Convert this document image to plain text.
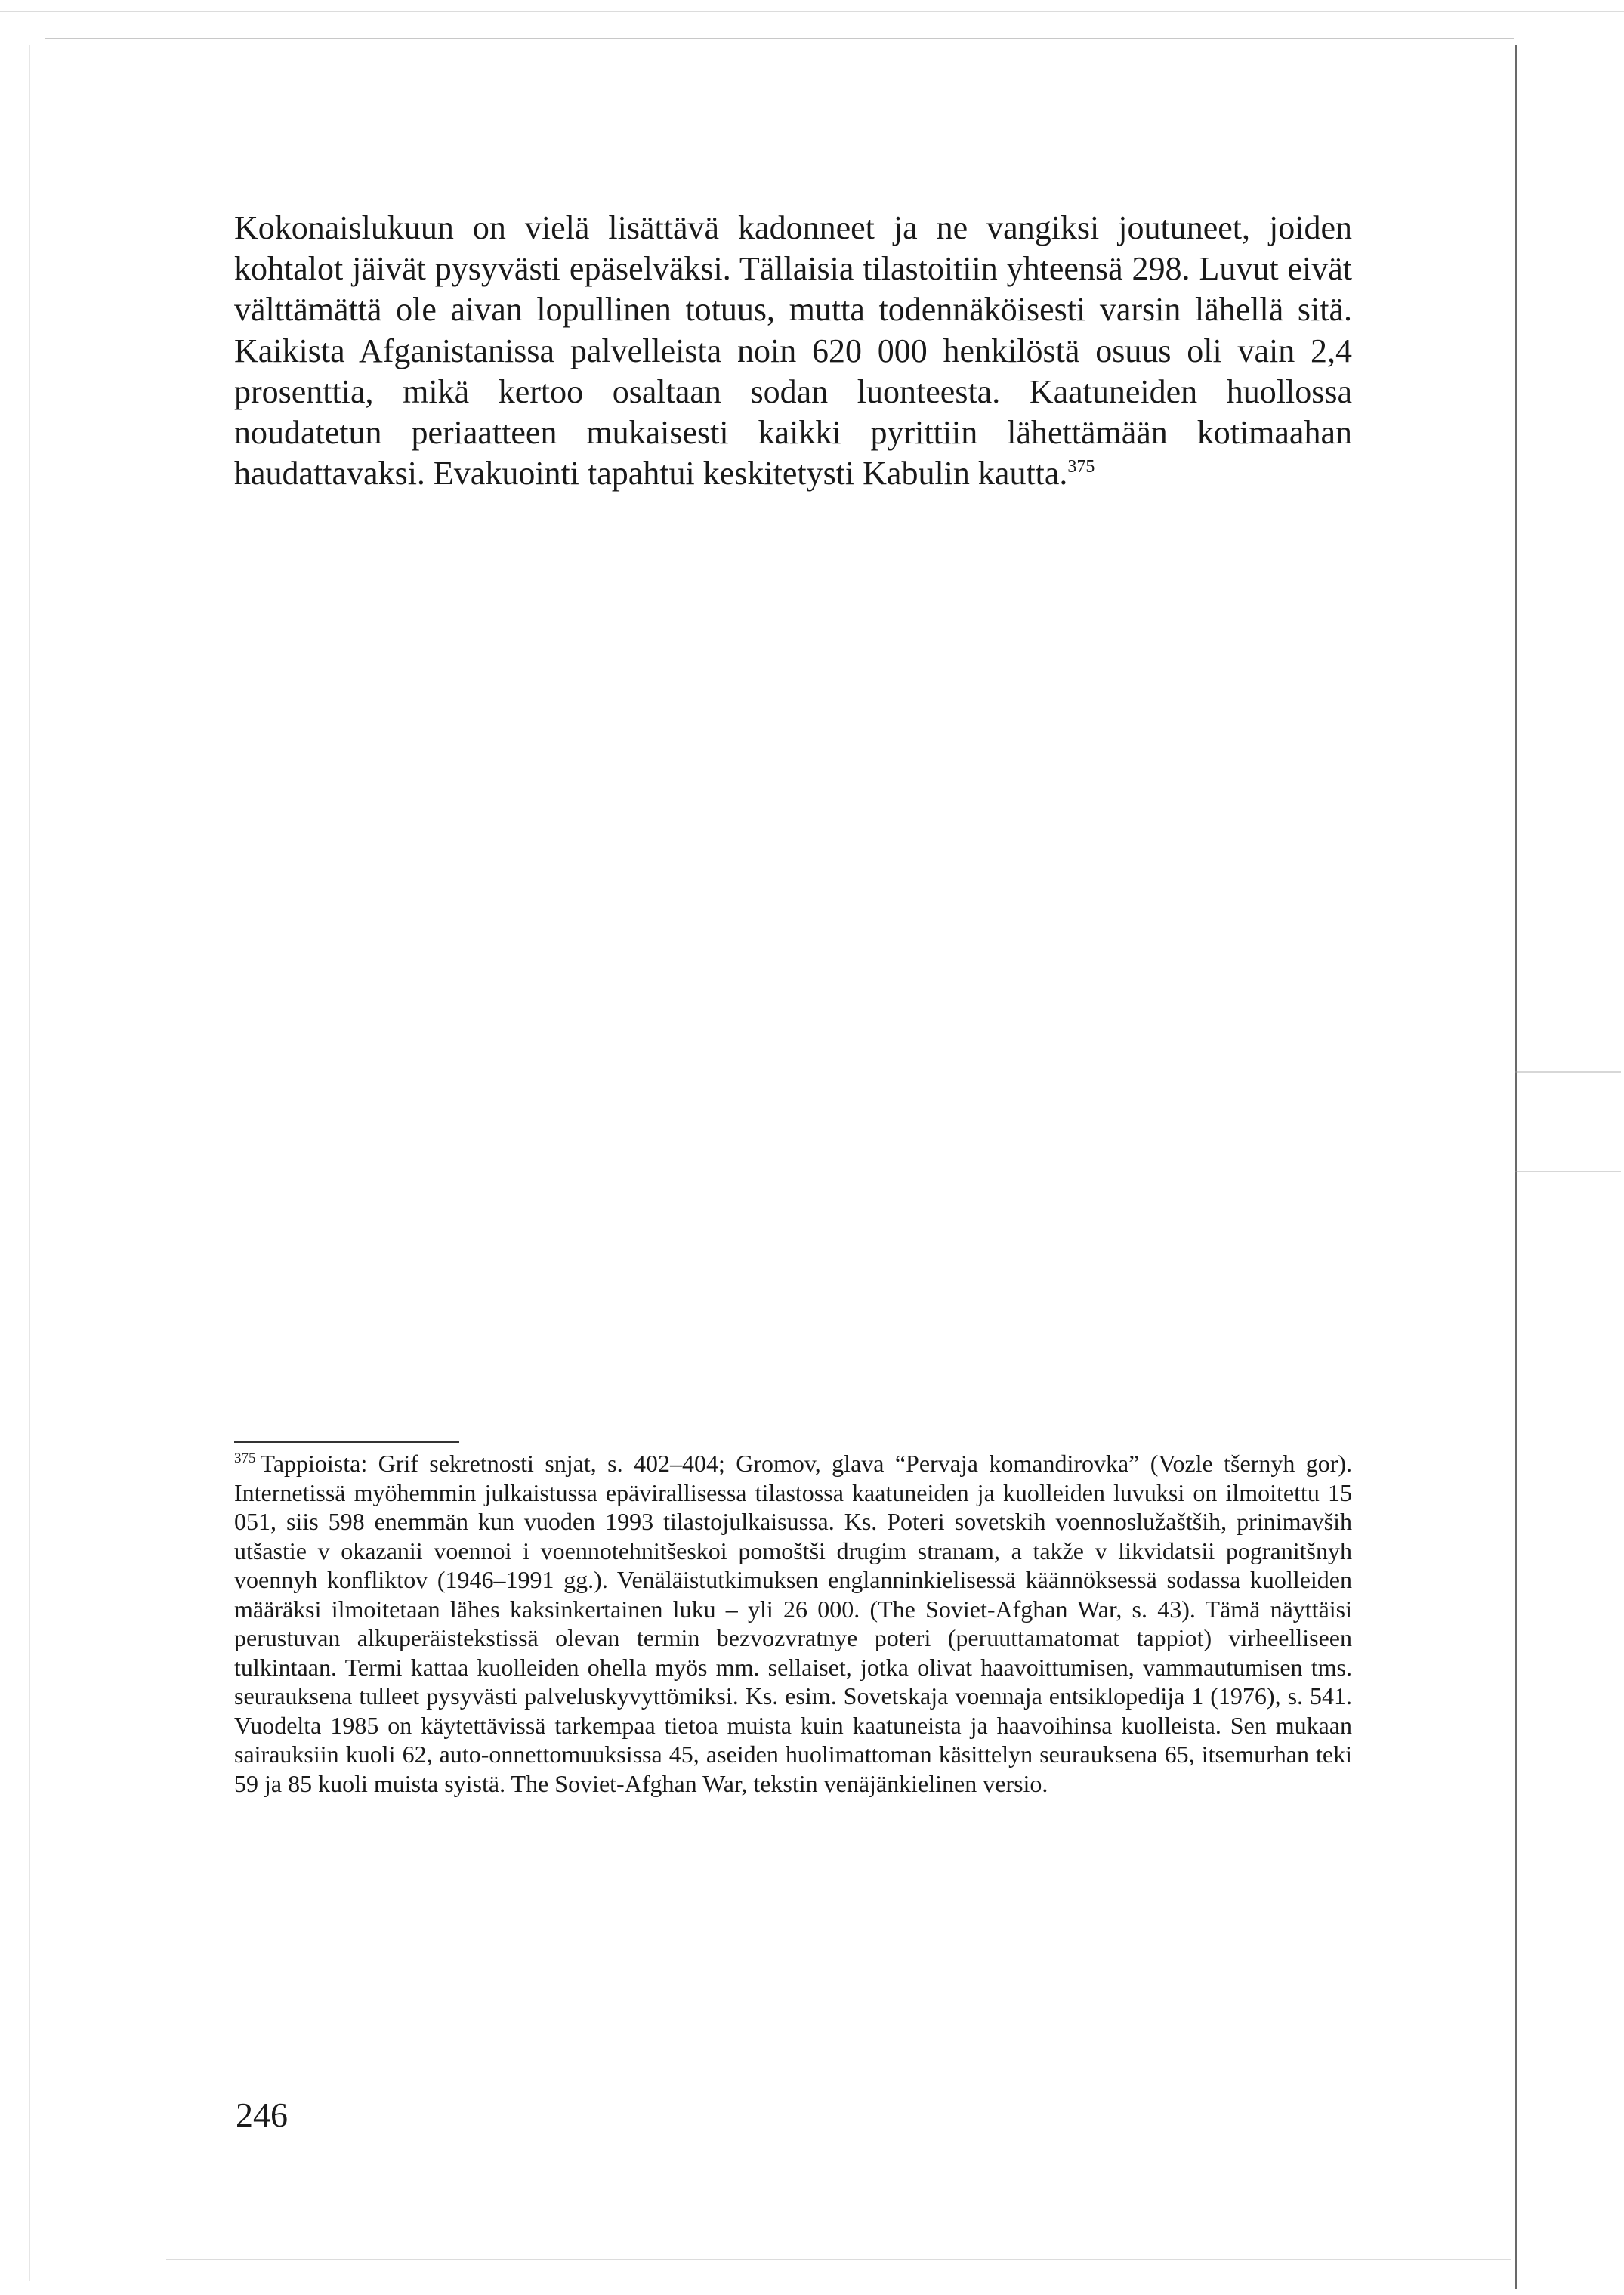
Kokonaislukuun on vielä lisättävä kadonneet ja ne vangiksi joutuneet, joiden kohtalot jäivät pysyvästi epäselväksi. Tällaisia tilastoitiin yhteensä 298. Luvut eivät välttämättä ole aivan lopullinen totuus, mutta todennäköisesti varsin lähellä sitä. Kaikista Afganistanissa palvelleista noin 620 000 henkilöstä osuus oli vain 2,4 prosenttia, mikä kertoo osaltaan sodan luonteesta. Kaatuneiden huollossa noudatetun periaatteen mukaisesti kaikki pyrittiin lähettämään kotimaahan haudattavaksi. Evakuointi tapahtui keskitetysti Kabulin kautta.$^{375}$

$^{375}$ Tappioista: Grif sekretnosti snjat, s. 402–404; Gromov, glava “Pervaja komandirovka” (Vozle tšernyh gor). Internetissä myöhemmin julkaistussa epävirallisessa tilastossa kaatuneiden ja kuolleiden luvuksi on ilmoitettu 15 051, siis 598 enemmän kun vuoden 1993 tilastojulkaisussa. Ks. Poteri sovetskih voennoslužaštših, prinimavših utšastie v okazanii voennoi i voennotehnitšeskoi pomoštši drugim stranam, a takže v likvidatsii pogranitšnyh voennyh konfliktov (1946–1991 gg.). Venäläistutkimuksen englanninkielisessä käännöksessä sodassa kuolleiden määräksi ilmoitetaan lähes kaksinkertainen luku – yli 26 000. (The Soviet-Afghan War, s. 43). Tämä näyttäisi perustuvan alkuperäistekstissä olevan termin bezvozvratnye poteri (peruuttamatomat tappiot) virheelliseen tulkintaan. Termi kattaa kuolleiden ohella myös mm. sellaiset, jotka olivat haavoittumisen, vammautumisen tms. seurauksena tulleet pysyvästi palveluskyvyttömiksi. Ks. esim. Sovetskaja voennaja entsiklopedija 1 (1976), s. 541. Vuodelta 1985 on käytettävissä tarkempaa tietoa muista kuin kaatuneista ja haavoihinsa kuolleista. Sen mukaan sairauksiin kuoli 62, auto-onnettomuuksissa 45, aseiden huolimattoman käsittelyn seurauksena 65, itsemurhan teki 59 ja 85 kuoli muista syistä. The Soviet-Afghan War, tekstin venäjänkielinen versio.

246
